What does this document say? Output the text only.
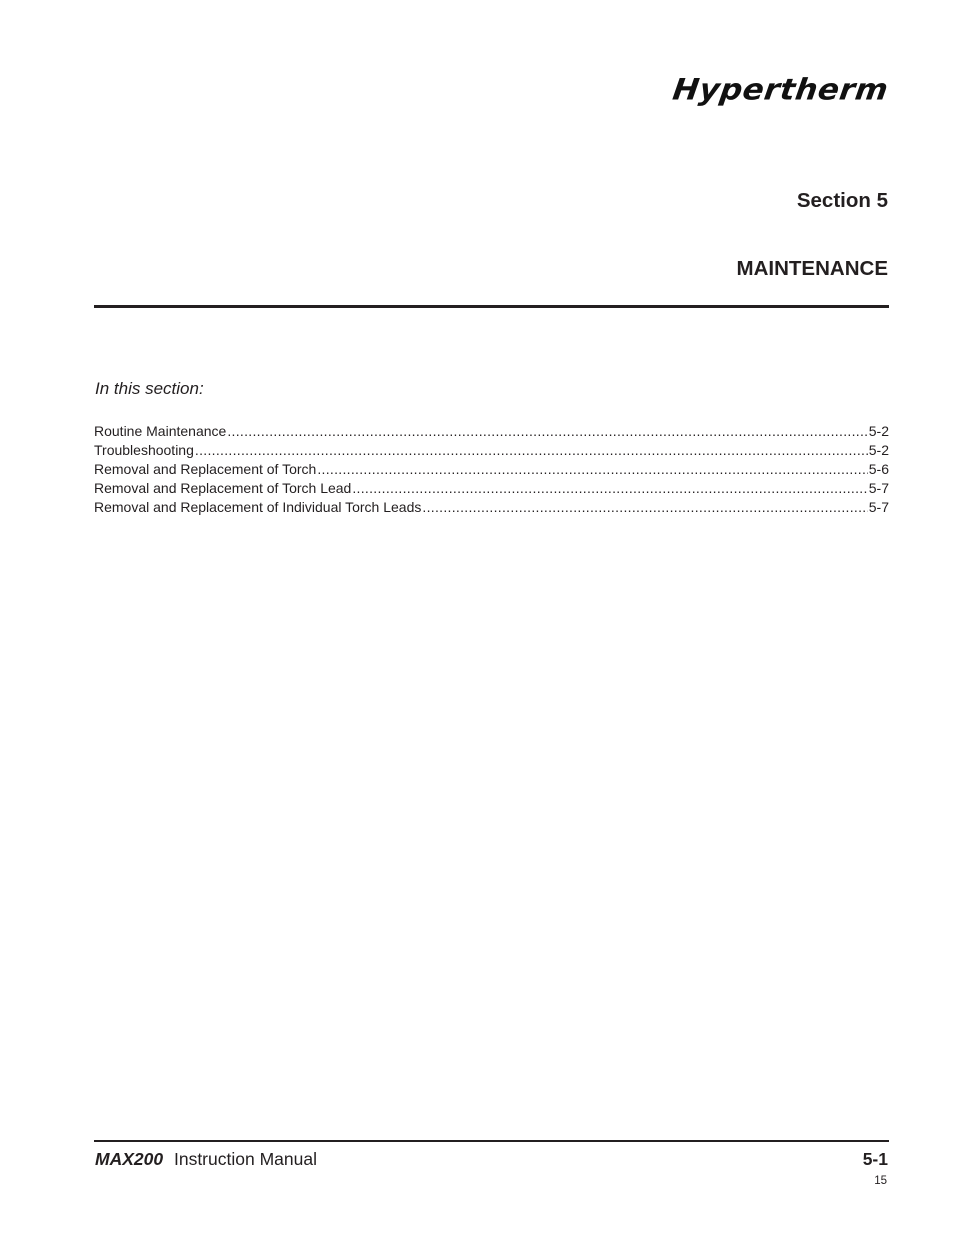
Hypertherm
Section 5
MAINTENANCE
In this section:
Routine Maintenance .....	5-2
Troubleshooting .....	5-2
Removal and Replacement of Torch .....	5-6
Removal and Replacement of Torch Lead .....	5-7
Removal and Replacement of Individual Torch Leads .....	5-7
MAX200 Instruction Manual	5-1
15
